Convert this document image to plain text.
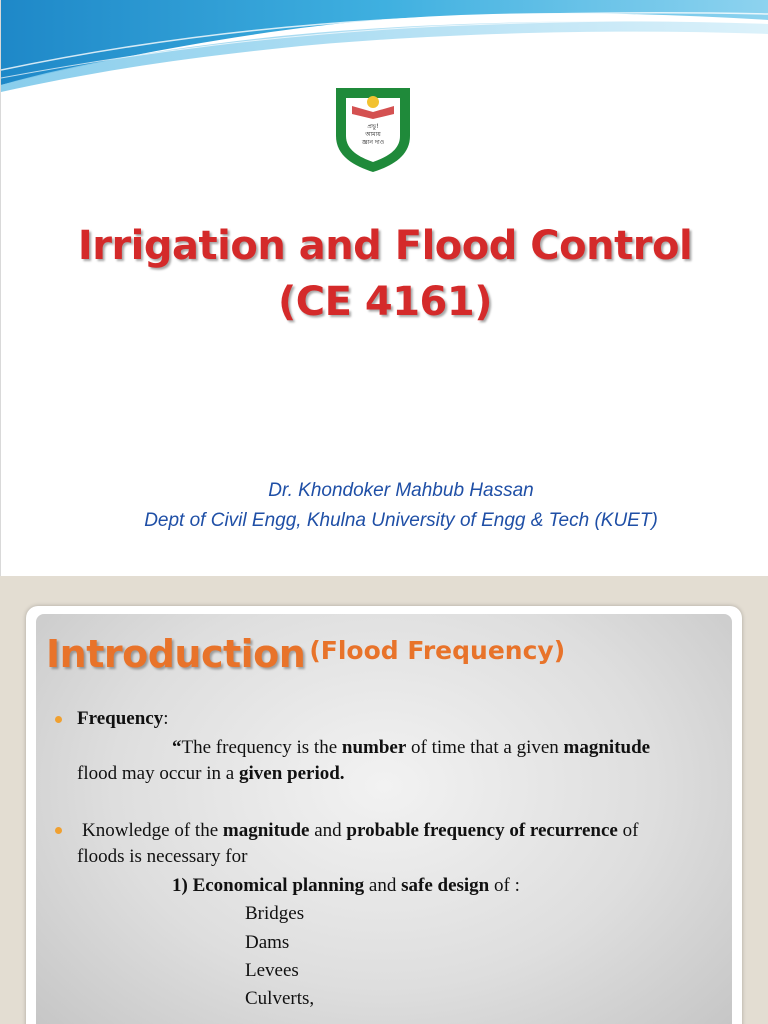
প্রভু!
আমায়
জ্ঞান দাও
Irrigation and Flood Control
(CE 4161)
Dr. Khondoker Mahbub Hassan
Dept of Civil Engg, Khulna University of Engg & Tech (KUET)
Introduction (Flood Frequency)
Frequency:
“The frequency is the number of time that a given magnitude
flood may occur in a given period.
Knowledge of the magnitude and probable frequency of recurrence of
floods is necessary for
1) Economical planning and safe design of :
Bridges
Dams
Levees
Culverts,
